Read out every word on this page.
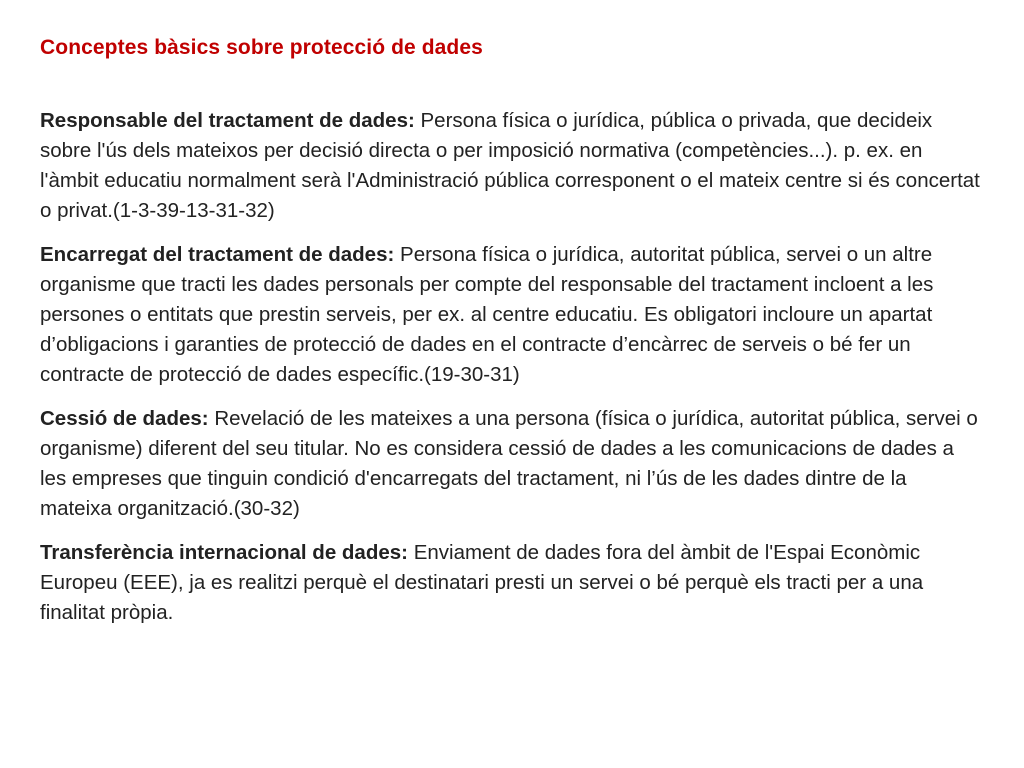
Conceptes bàsics sobre protecció de dades

Responsable del tractament de dades: Persona física o jurídica, pública o privada, que decideix sobre l'ús dels mateixos per decisió directa o per imposició normativa (competències...). p. ex. en l'àmbit educatiu normalment serà l'Administració pública corresponent o el mateix centre si és concertat o privat.(1-3-39-13-31-32)

Encarregat del tractament de dades: Persona física o jurídica, autoritat pública, servei o un altre organisme que tracti les dades personals per compte del responsable del tractament incloent a les persones o entitats que prestin serveis, per ex. al centre educatiu. Es obligatori incloure un apartat d’obligacions i garanties de protecció de dades en el contracte d’encàrrec de serveis o bé fer un contracte de protecció de dades específic.(19-30-31)

Cessió de dades: Revelació de les mateixes a una persona (física o jurídica, autoritat pública, servei o organisme) diferent del seu titular. No es considera cessió de dades a les comunicacions de dades a les empreses que tinguin condició d'encarregats del tractament, ni l’ús de les dades dintre de la mateixa organització.(30-32)

Transferència internacional de dades: Enviament de dades fora del àmbit de l'Espai Econòmic Europeu (EEE), ja es realitzi perquè el destinatari presti un servei o bé perquè els tracti per a una finalitat pròpia.
